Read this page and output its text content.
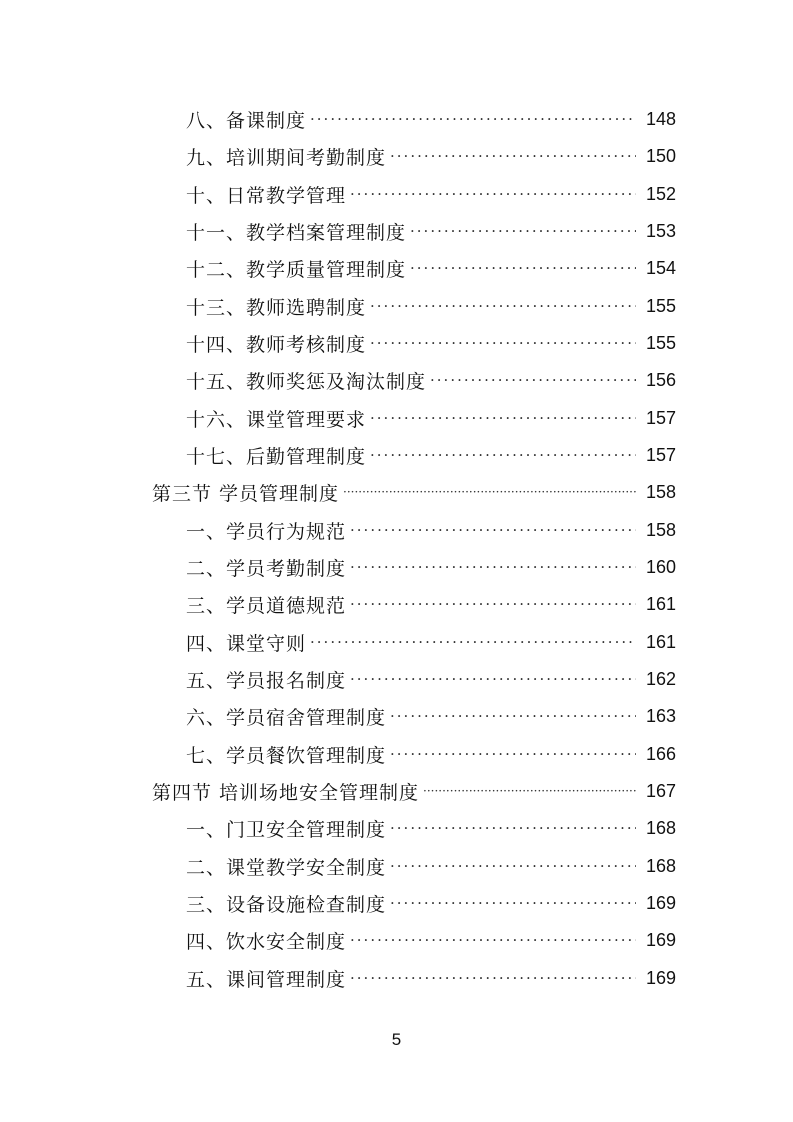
八、备课制度 ·····	148
九、培训期间考勤制度 ·····	150
十、日常教学管理 ·····	152
十一、教学档案管理制度 ·····	153
十二、教学质量管理制度 ·····	154
十三、教师选聘制度 ·····	155
十四、教师考核制度 ·····	155
十五、教师奖惩及淘汰制度 ·····	156
十六、课堂管理要求 ·····	157
十七、后勤管理制度 ·····	157
第三节 学员管理制度 ·····	158
一、学员行为规范 ·····	158
二、学员考勤制度 ·····	160
三、学员道德规范 ·····	161
四、课堂守则 ·····	161
五、学员报名制度 ·····	162
六、学员宿舍管理制度 ·····	163
七、学员餐饮管理制度 ·····	166
第四节 培训场地安全管理制度 ·····	167
一、门卫安全管理制度 ·····	168
二、课堂教学安全制度 ·····	168
三、设备设施检查制度 ·····	169
四、饮水安全制度 ·····	169
五、课间管理制度 ·····	169
5
